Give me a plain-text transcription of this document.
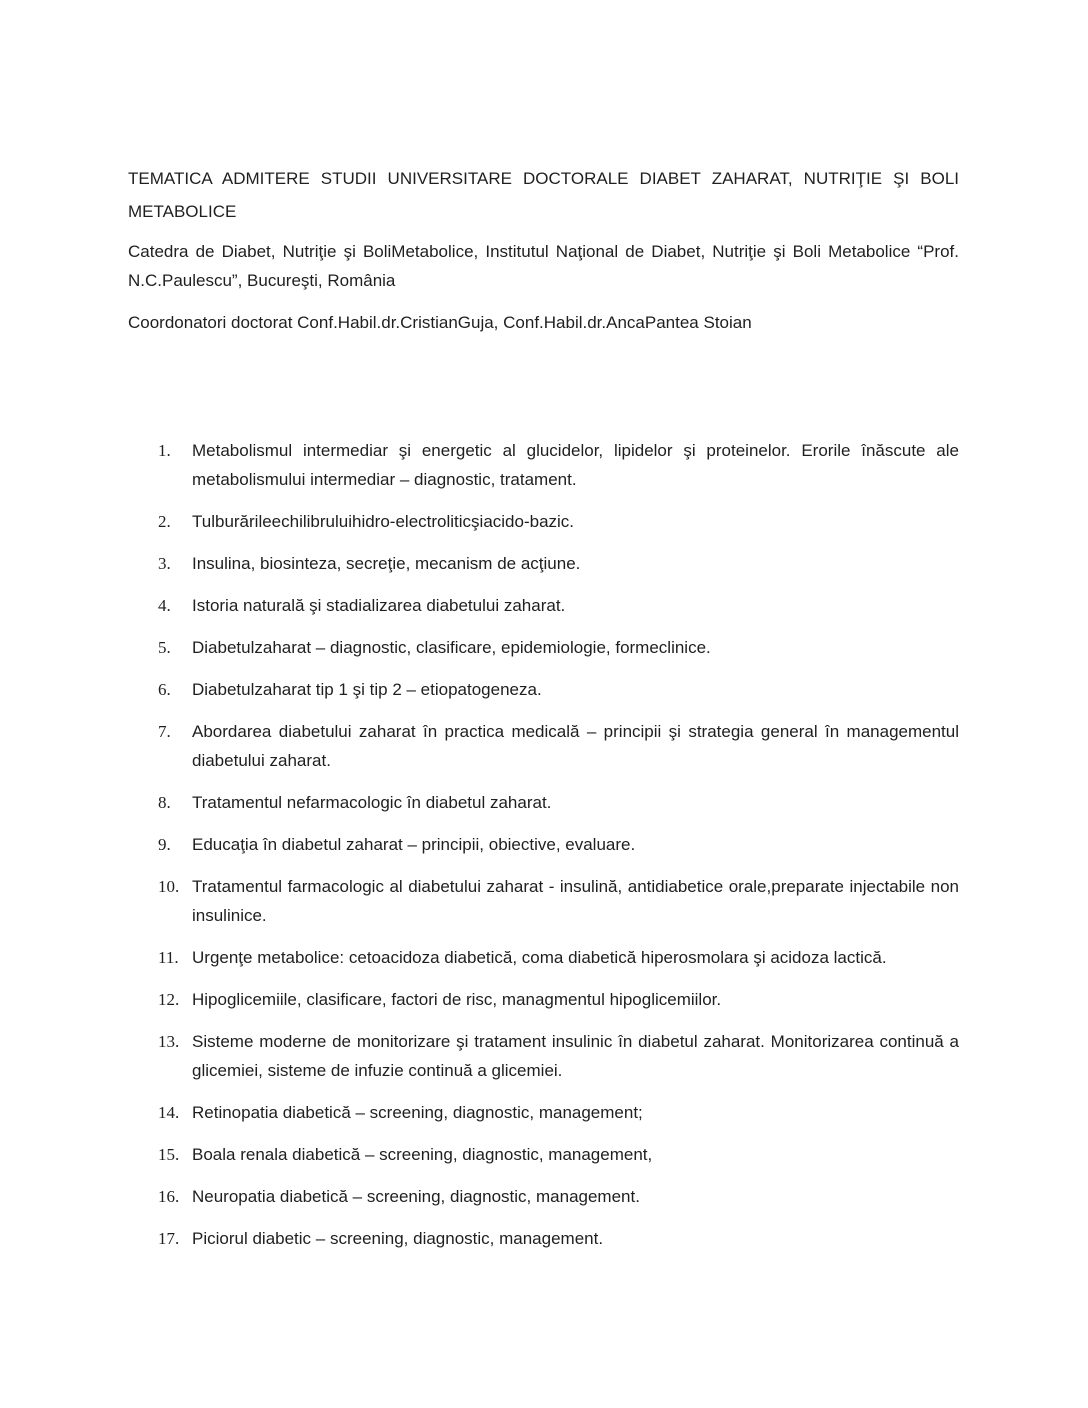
TEMATICA ADMITERE STUDII UNIVERSITARE DOCTORALE DIABET ZAHARAT, NUTRIŢIE ŞI BOLI METABOLICE

Catedra de Diabet, Nutriţie şi BoliMetabolice, Institutul Naţional de Diabet, Nutriţie şi Boli Metabolice “Prof. N.C.Paulescu”, Bucureşti, România

Coordonatori doctorat Conf.Habil.dr.CristianGuja, Conf.Habil.dr.AncaPantea Stoian

1. Metabolismul intermediar şi energetic al glucidelor, lipidelor şi proteinelor. Erorile înăscute ale metabolismului intermediar – diagnostic, tratament.
2. Tulburărileechilibruluihidro-electroliticşiacido-bazic.
3. Insulina, biosinteza, secreţie, mecanism de acţiune.
4. Istoria naturală şi stadializarea diabetului zaharat.
5. Diabetulzaharat – diagnostic, clasificare, epidemiologie, formeclinice.
6. Diabetulzaharat tip 1 şi tip 2 – etiopatogeneza.
7. Abordarea diabetului zaharat în practica medicală – principii şi strategia general în managementul diabetului zaharat.
8. Tratamentul nefarmacologic în diabetul zaharat.
9. Educaţia în diabetul zaharat – principii, obiective, evaluare.
10. Tratamentul farmacologic al diabetului zaharat - insulină, antidiabetice orale,preparate injectabile non insulinice.
11. Urgenţe metabolice: cetoacidoza diabetică, coma diabetică hiperosmolara şi acidoza lactică.
12. Hipoglicemiile, clasificare, factori de risc, managmentul hipoglicemiilor.
13. Sisteme moderne de monitorizare şi tratament insulinic în diabetul zaharat. Monitorizarea continuă a glicemiei, sisteme de infuzie continuă a glicemiei.
14. Retinopatia diabetică – screening, diagnostic, management;
15. Boala renala diabetică – screening, diagnostic, management,
16. Neuropatia diabetică – screening, diagnostic, management.
17. Piciorul diabetic – screening, diagnostic, management.
